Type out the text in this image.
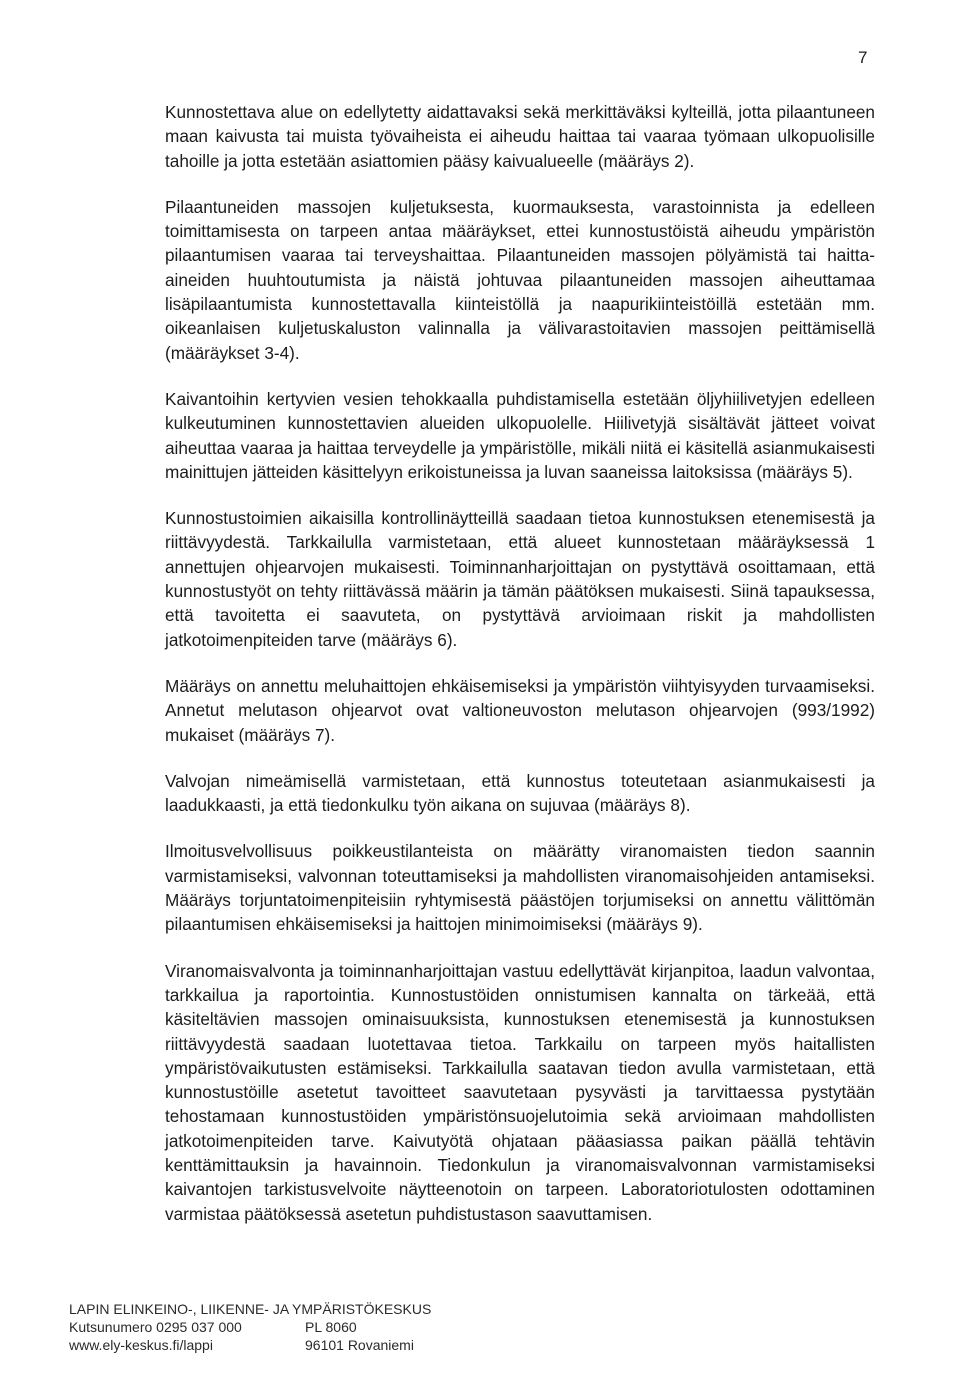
7

Kunnostettava alue on edellytetty aidattavaksi sekä merkittäväksi kylteillä, jotta pilaantuneen maan kaivusta tai muista työvaiheista ei aiheudu haittaa tai vaaraa työmaan ulkopuolisille tahoille ja jotta estetään asiattomien pääsy kaivualueelle (määräys 2).

Pilaantuneiden massojen kuljetuksesta, kuormauksesta, varastoinnista ja edelleen toimittamisesta on tarpeen antaa määräykset, ettei kunnostustöistä aiheudu ympäristön pilaantumisen vaaraa tai terveyshaittaa. Pilaantuneiden massojen pölyämistä tai haitta-aineiden huuhtoutumista ja näistä johtuvaa pilaantuneiden massojen aiheuttamaa lisäpilaantumista kunnostettavalla kiinteistöllä ja naapurikiinteistöillä estetään mm. oikeanlaisen kuljetuskaluston valinnalla ja välivarastoitavien massojen peittämisellä (määräykset 3-4).

Kaivantoihin kertyvien vesien tehokkaalla puhdistamisella estetään öljyhiilivetyjen edelleen kulkeutuminen kunnostettavien alueiden ulkopuolelle. Hiilivetyjä sisältävät jätteet voivat aiheuttaa vaaraa ja haittaa terveydelle ja ympäristölle, mikäli niitä ei käsitellä asianmukaisesti mainittujen jätteiden käsittelyyn erikoistuneissa ja luvan saaneissa laitoksissa (määräys 5).

Kunnostustoimien aikaisilla kontrollinäytteillä saadaan tietoa kunnostuksen etenemisestä ja riittävyydestä. Tarkkailulla varmistetaan, että alueet kunnostetaan määräyksessä 1 annettujen ohjearvojen mukaisesti. Toiminnanharjoittajan on pystyttävä osoittamaan, että kunnostustyöt on tehty riittävässä määrin ja tämän päätöksen mukaisesti. Siinä tapauksessa, että tavoitetta ei saavuteta, on pystyttävä arvioimaan riskit ja mahdollisten jatkotoimenpiteiden tarve (määräys 6).

Määräys on annettu meluhaittojen ehkäisemiseksi ja ympäristön viihtyisyyden turvaamiseksi. Annetut melutason ohjearvot ovat valtioneuvoston melutason ohjearvojen (993/1992) mukaiset (määräys 7).

Valvojan nimeämisellä varmistetaan, että kunnostus toteutetaan asianmukaisesti ja laadukkaasti, ja että tiedonkulku työn aikana on sujuvaa (määräys 8).

Ilmoitusvelvollisuus poikkeustilanteista on määrätty viranomaisten tiedon saannin varmistamiseksi, valvonnan toteuttamiseksi ja mahdollisten viranomaisohjeiden antamiseksi. Määräys torjuntatoimenpiteisiin ryhtymisestä päästöjen torjumiseksi on annettu välittömän pilaantumisen ehkäisemiseksi ja haittojen minimoimiseksi (määräys 9).

Viranomaisvalvonta ja toiminnanharjoittajan vastuu edellyttävät kirjanpitoa, laadun valvontaa, tarkkailua ja raportointia. Kunnostustöiden onnistumisen kannalta on tärkeää, että käsiteltävien massojen ominaisuuksista, kunnostuksen etenemisestä ja kunnostuksen riittävyydestä saadaan luotettavaa tietoa. Tarkkailu on tarpeen myös haitallisten ympäristövaikutusten estämiseksi. Tarkkailulla saatavan tiedon avulla varmistetaan, että kunnostustöille asetetut tavoitteet saavutetaan pysyvästi ja tarvittaessa pystytään tehostamaan kunnostustöiden ympäristönsuojelutoimia sekä arvioimaan mahdollisten jatkotoimenpiteiden tarve. Kaivutyötä ohjataan pääasiassa paikan päällä tehtävin kenttämittauksin ja havainnoin. Tiedonkulun ja viranomaisvalvonnan varmistamiseksi kaivantojen tarkistusvelvoite näytteenotoin on tarpeen. Laboratoriotulosten odottaminen varmistaa päätöksessä asetetun puhdistustason saavuttamisen.

LAPIN ELINKEINO-, LIIKENNE- JA YMPÄRISTÖKESKUS
Kutsunumero 0295 037 000	PL 8060
www.ely-keskus.fi/lappi	96101 Rovaniemi
